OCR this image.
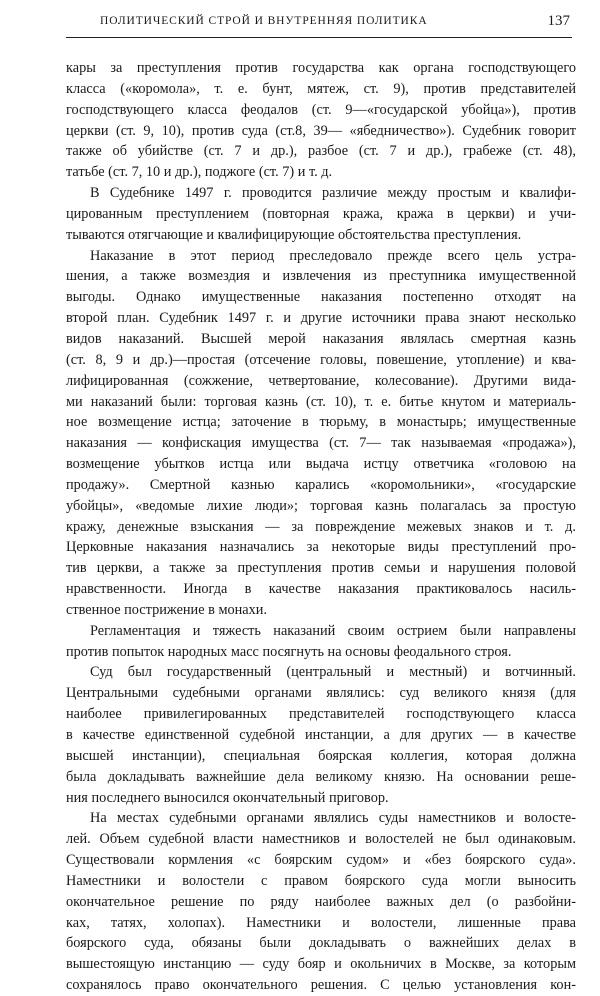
ПОЛИТИЧЕСКИЙ СТРОЙ И ВНУТРЕННЯЯ ПОЛИТИКА	137
кары за преступления против государства как органа господствующего
класса («коромола», т. е. бунт, мятеж, ст. 9), против представителей
господствующего класса феодалов (ст. 9—«государской убойца»), против
церкви (ст. 9, 10), против суда (ст.8, 39— «ябедничество»). Судебник говорит
также об убийстве (ст. 7 и др.), разбое (ст. 7 и др.), грабеже (ст. 48),
татьбе (ст. 7, 10 и др.), поджоге (ст. 7) и т. д.
В Судебнике 1497 г. проводится различие между простым и квалифи-
цированным преступлением (повторная кража, кража в церкви) и учи-
тываются отягчающие и квалифицирующие обстоятельства преступления.
Наказание в этот период преследовало прежде всего цель устра-
шения, а также возмездия и извлечения из преступника имущественной
выгоды. Однако имущественные наказания постепенно отходят на
второй план. Судебник 1497 г. и другие источники права знают несколько
видов наказаний. Высшей мерой наказания являлась смертная казнь
(ст. 8, 9 и др.)—простая (отсечение головы, повешение, утопление) и ква-
лифицированная (сожжение, четвертование, колесование). Другими вида-
ми наказаний были: торговая казнь (ст. 10), т. е. битье кнутом и материаль-
ное возмещение истца; заточение в тюрьму, в монастырь; имущественные
наказания — конфискация имущества (ст. 7— так называемая «продажа»),
возмещение убытков истца или выдача истцу ответчика «головою на
продажу». Смертной казнью карались «коромольники», «государские
убойцы», «ведомые лихие люди»; торговая казнь полагалась за простую
кражу, денежные взыскания — за повреждение межевых знаков и т. д.
Церковные наказания назначались за некоторые виды преступлений про-
тив церкви, а также за преступления против семьи и нарушения половой
нравственности. Иногда в качестве наказания практиковалось насиль-
ственное пострижение в монахи.
Регламентация и тяжесть наказаний своим острием были направлены
против попыток народных масс посягнуть на основы феодального строя.
Суд был государственный (центральный и местный) и вотчинный.
Центральными судебными органами являлись: суд великого князя (для
наиболее привилегированных представителей господствующего класса
в качестве единственной судебной инстанции, а для других — в качестве
высшей инстанции), специальная боярская коллегия, которая должна
была докладывать важнейшие дела великому князю. На основании реше-
ния последнего выносился окончательный приговор.
На местах судебными органами являлись суды наместников и волосте-
лей. Объем судебной власти наместников и волостелей не был одинаковым.
Существовали кормления «с боярским судом» и «без боярского суда».
Наместники и волостели с правом боярского суда могли выносить
окончательное решение по ряду наиболее важных дел (о разбойни-
ках, татях, холопах). Наместники и волостели, лишенные права
боярского суда, обязаны были докладывать о важнейших делах в
вышестоящую инстанцию — суду бояр и окольничих в Москве, за которым
сохранялось право окончательного решения. С целью установления кон-
